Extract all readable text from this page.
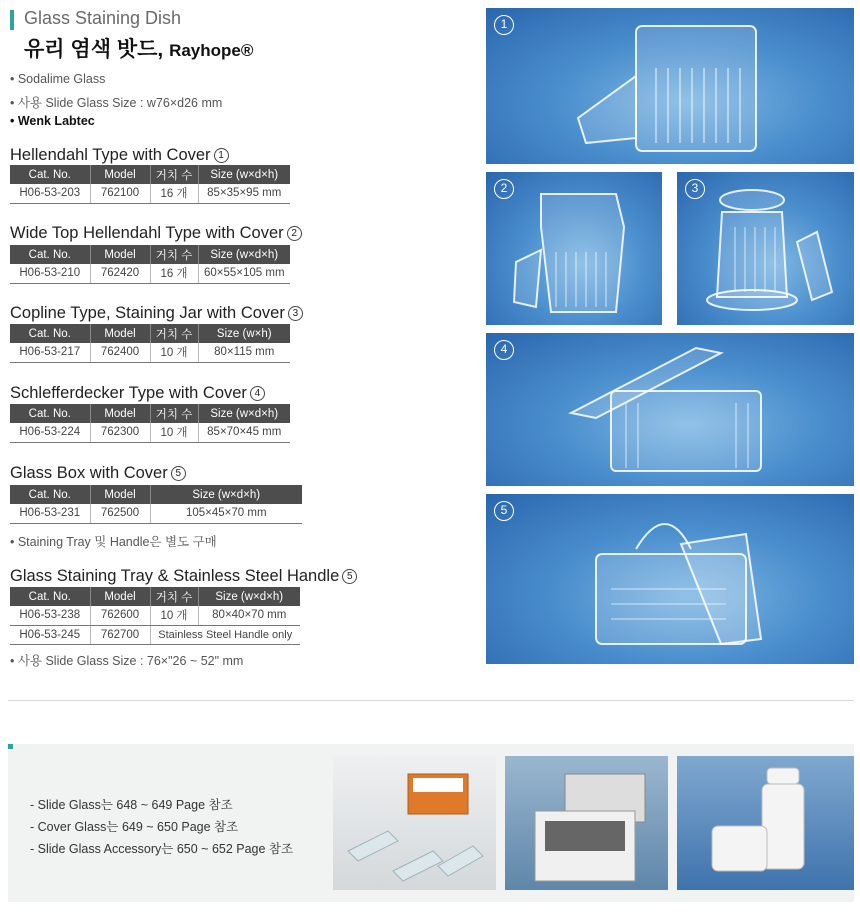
Glass Staining Dish
유리 염색 밧드, Rayhope®
• Sodalime Glass
• 사용 Slide Glass Size : w76×d26 mm
• Wenk Labtec
Hellendahl Type with Cover 1
Cat. No.	Model	거치 수	Size (w×d×h)
H06-53-203	762100	16 개	85×35×95 mm
Wide Top Hellendahl Type with Cover 2
Cat. No.	Model	거치 수	Size (w×d×h)
H06-53-210	762420	16 개	60×55×105 mm
Copline Type, Staining Jar with Cover 3
Cat. No.	Model	거치 수	Size (w×h)
H06-53-217	762400	10 개	80×115 mm
Schlefferdecker Type with Cover 4
Cat. No.	Model	거치 수	Size (w×d×h)
H06-53-224	762300	10 개	85×70×45 mm
Glass Box with Cover 5
Cat. No.	Model	Size (w×d×h)
H06-53-231	762500	105×45×70 mm
• Staining Tray 및 Handle은 별도 구매
Glass Staining Tray & Stainless Steel Handle 5
Cat. No.	Model	거치 수	Size (w×d×h)
H06-53-238	762600	10 개	80×40×70 mm
H06-53-245	762700	Stainless Steel Handle only	
• 사용 Slide Glass Size : 76×"26 ~ 52" mm
1
2	3
4
5
- Slide Glass는 648 ~ 649 Page 참조
- Cover Glass는 649 ~ 650 Page 참조
- Slide Glass Accessory는 650 ~ 652 Page 참조
